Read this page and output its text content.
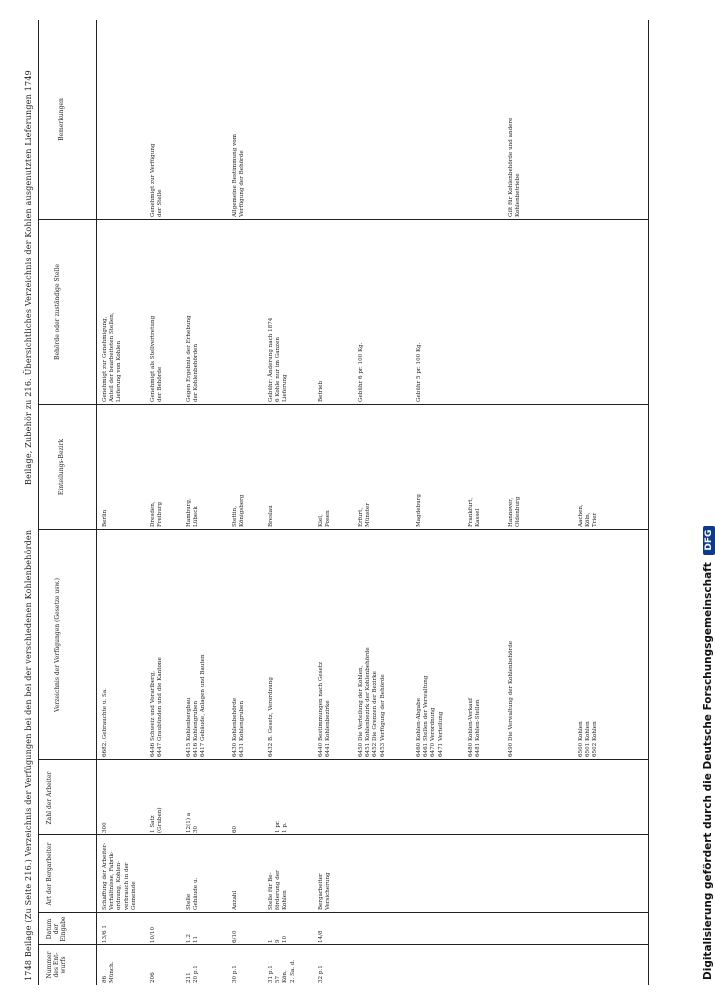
1748 Beilage (Zu Seite 216.) Verzeichnis der Verfügungen bei den bei der verschiedenen Kohlenbehörden
Beilage, Zubehör zu 216. Übersichtliches Verzeichnis der Kohlen ausgenutzten Lieferungen 1749
Nummer des Ent-wurfs
Datum der Eingabe
Art der Bergarbeiter
Zahl der Arbeiter
Verzeichnis der Verfügungen (Gesetze usw.)
Einteilungs-Bezirk
Behörde oder zuständige Stelle
Bemerkungen
86
Münch.
13/6 1
Schaffung der Arbeiter-
Verhältnisse, Fabrik-
ordnung, Kohlen-
verbrauch in der
Gemeinde
300
6682. Gebrauchte u. Sa.
Berlin
Genehmigt zur Genehmigung,
Anteil der bearbeiteten Stellen,
Lieferung von Kohlen
206
10/10
1 Satz
(Gruben)
6446 Schweiz und Vorarlberg,
6447 Graubünden und die Kantone
Dresden,
Freiburg
Genehmigt als Stellvertretung
der Behörde
Genehmigt zur Verfügung
der Stelle
211
20 p.1
1.2
11
Stelle
Gebäude u.
12(1) a
30
6415 Kohlenbergbau
6416 Kohlengruben
6417 Gebäude, Anlagen und Bauten
Hamburg,
Lübeck
Gegen Ergebnis der Erhebung
der Kohlenbehörden
30 p.1
6/10
Anzahl
60
6430 Kohlenbehörde
6431 Kohlengruben
Stettin,
Königsberg
Allgemeine Bestimmung vom
Verfügung der Behörde
31 p.1
57
Kön.
2. Sa. d.
1
9
10
Stelle für Be-
förderung der
Kohlen

1 pr.
1 p.
6432 B. Gesetz, Verordnung
Breslau
Gebühr: Änderung nach 1874
6 Kohle nur im Ganzen
Lieferung
32 p.1
14/8
Bergarbeiter
Versicherung
6440 Bestimmungen nach Gesetz
6441 Kohlenbezirke
Kiel,
Posen
Betrieb
6450 Die Verteilung der Kohlen,
6451 Kohlenbezirk der Kohlenbehörde
6452 Die Grenzen der Bezirke
6453 Verfügung der Behörde
Erfurt,
Münster
Gebühr 6 pr. 100 Kg.
6460 Kohlen-Abgabe
6461 Stellen der Verwaltung
6470 Verordnung
6471 Verteilung
Magdeburg
Gebühr 5 pr. 100 Kg.
6480 Kohlen-Verkauf
6481 Kohlen-Stellen
Frankfurt,
Kassel
6490 Die Verwaltung der Kohlenbehörde
Hannover,
Oldenburg
Gilt für Kohlenbehörde und andere
Kohlenbetriebe
6500 Kohlen
6501 Kohlen
6502 Kohlen
Aachen,
Köln,
Trier
Digitalisierung gefördert durch die Deutsche Forschungsgemeinschaft DFG
